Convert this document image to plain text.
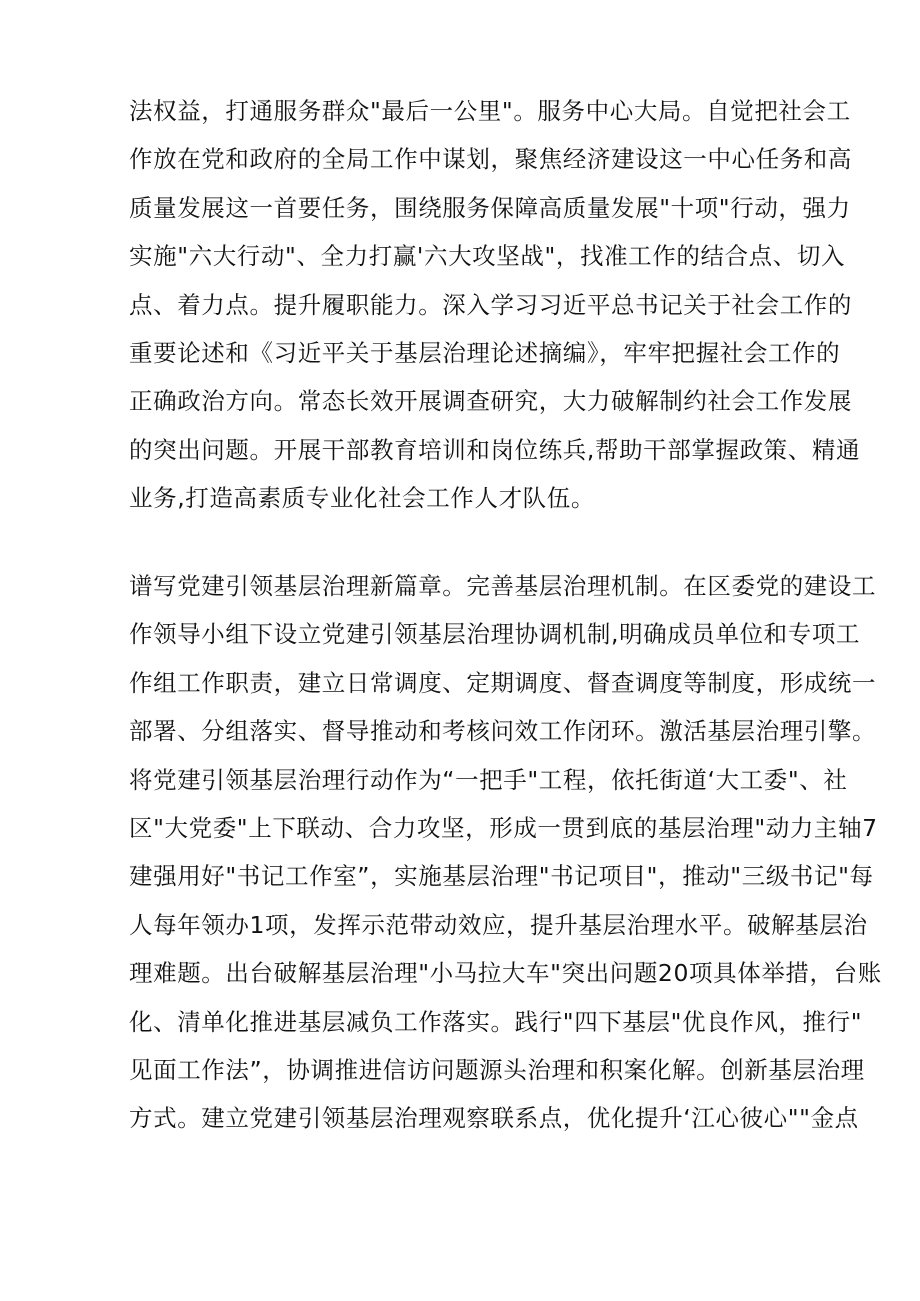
法权益，打通服务群众"最后一公里"。服务中心大局。自觉把社会工
作放在党和政府的全局工作中谋划，聚焦经济建设这一中心任务和高
质量发展这一首要任务，围绕服务保障高质量发展"十项"行动，强力
实施"六大行动"、全力打赢'六大攻坚战"，找准工作的结合点、切入
点、着力点。提升履职能力。深入学习习近平总书记关于社会工作的
重要论述和《习近平关于基层治理论述摘编》，牢牢把握社会工作的
正确政治方向。常态长效开展调查研究，大力破解制约社会工作发展
的突出问题。开展干部教育培训和岗位练兵,帮助干部掌握政策、精通
业务,打造高素质专业化社会工作人才队伍。
谱写党建引领基层治理新篇章。完善基层治理机制。在区委党的建设工
作领导小组下设立党建引领基层治理协调机制,明确成员单位和专项工
作组工作职责，建立日常调度、定期调度、督查调度等制度，形成统一
部署、分组落实、督导推动和考核问效工作闭环。激活基层治理引擎。
将党建引领基层治理行动作为“一把手"工程，依托街道‘大工委"、社
区"大党委"上下联动、合力攻坚，形成一贯到底的基层治理"动力主轴7
建强用好"书记工作室”，实施基层治理"书记项目"，推动"三级书记"每
人每年领办1项，发挥示范带动效应，提升基层治理水平。破解基层治
理难题。出台破解基层治理"小马拉大车"突出问题20项具体举措，台账
化、清单化推进基层减负工作落实。践行"四下基层"优良作风，推行"
见面工作法”，协调推进信访问题源头治理和积案化解。创新基层治理
方式。建立党建引领基层治理观察联系点，优化提升‘江心彼心""金点
